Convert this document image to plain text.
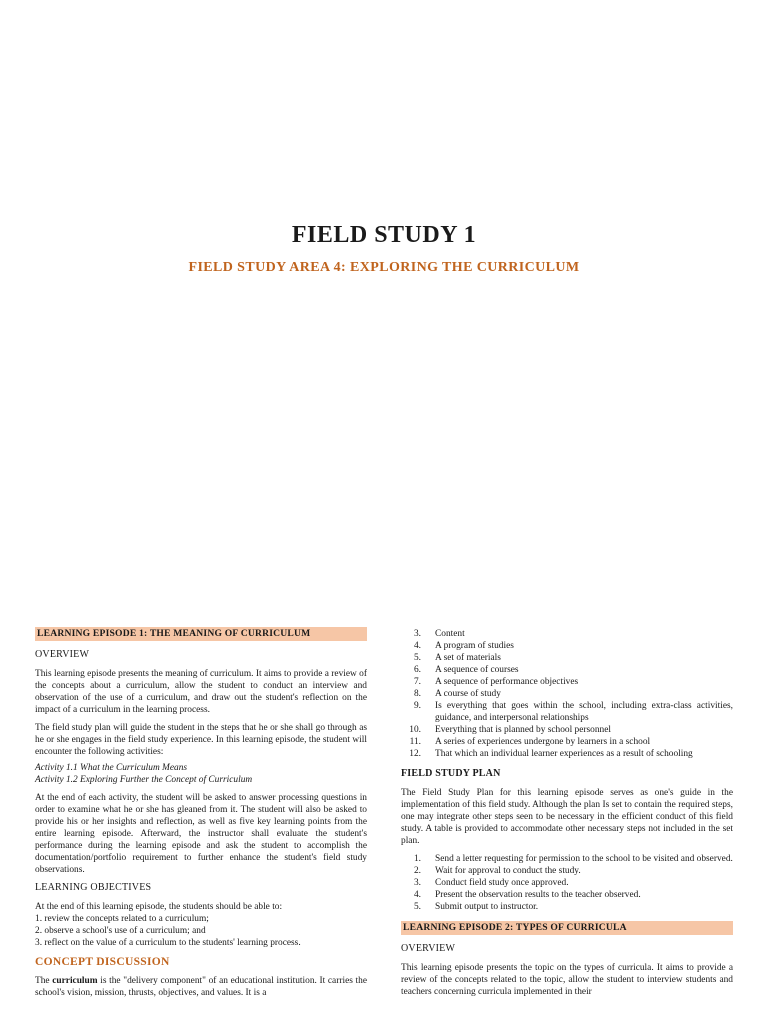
FIELD STUDY 1
FIELD STUDY AREA 4: EXPLORING THE CURRICULUM
LEARNING EPISODE 1: THE MEANING OF CURRICULUM
OVERVIEW

This learning episode presents the meaning of curriculum. It aims to provide a review of the concepts about a curriculum, allow the student to conduct an interview and observation of the use of a curriculum, and draw out the student's reflection on the impact of a curriculum in the learning process.

The field study plan will guide the student in the steps that he or she shall go through as he or she engages in the field study experience. In this learning episode, the student will encounter the following activities:

Activity 1.1 What the Curriculum Means
Activity 1.2 Exploring Further the Concept of Curriculum

At the end of each activity, the student will be asked to answer processing questions in order to examine what he or she has gleaned from it. The student will also be asked to provide his or her insights and reflection, as well as five key learning points from the entire learning episode. Afterward, the instructor shall evaluate the student's performance during the learning episode and ask the student to accomplish the documentation/portfolio requirement to further enhance the student's field study observations.

LEARNING OBJECTIVES
At the end of this learning episode, the students should be able to:
1. review the concepts related to a curriculum;
2. observe a school's use of a curriculum; and
3. reflect on the value of a curriculum to the students' learning process.
CONCEPT DISCUSSION

The curriculum is the "delivery component" of an educational institution. It carries the school's vision, mission, thrusts, objectives, and values. It is a

3.	Content
4.	A program of studies
5.	A set of materials
6.	A sequence of courses
7.	A sequence of performance objectives
8.	A course of study
9.	Is everything that goes within the school, including extra-class activities, guidance, and interpersonal relationships
10.	Everything that is planned by school personnel
11.	A series of experiences undergone by learners in a school
12.	That which an individual learner experiences as a result of schooling
FIELD STUDY PLAN

The Field Study Plan for this learning episode serves as one's guide in the implementation of this field study. Although the plan Is set to contain the required steps, one may integrate other steps seen to be necessary in the efficient conduct of this field study. A table is provided to accommodate other necessary steps not included in the set plan.

1.	Send a letter requesting for permission to the school to be visited and observed.
2.	Wait for approval to conduct the study.
3.	Conduct field study once approved.
4.	Present the observation results to the teacher observed.
5.	Submit output to instructor.
LEARNING EPISODE 2: TYPES OF CURRICULA
OVERVIEW

This learning episode presents the topic on the types of curricula. It aims to provide a review of the concepts related to the topic, allow the student to interview students and teachers concerning curricula implemented in their
